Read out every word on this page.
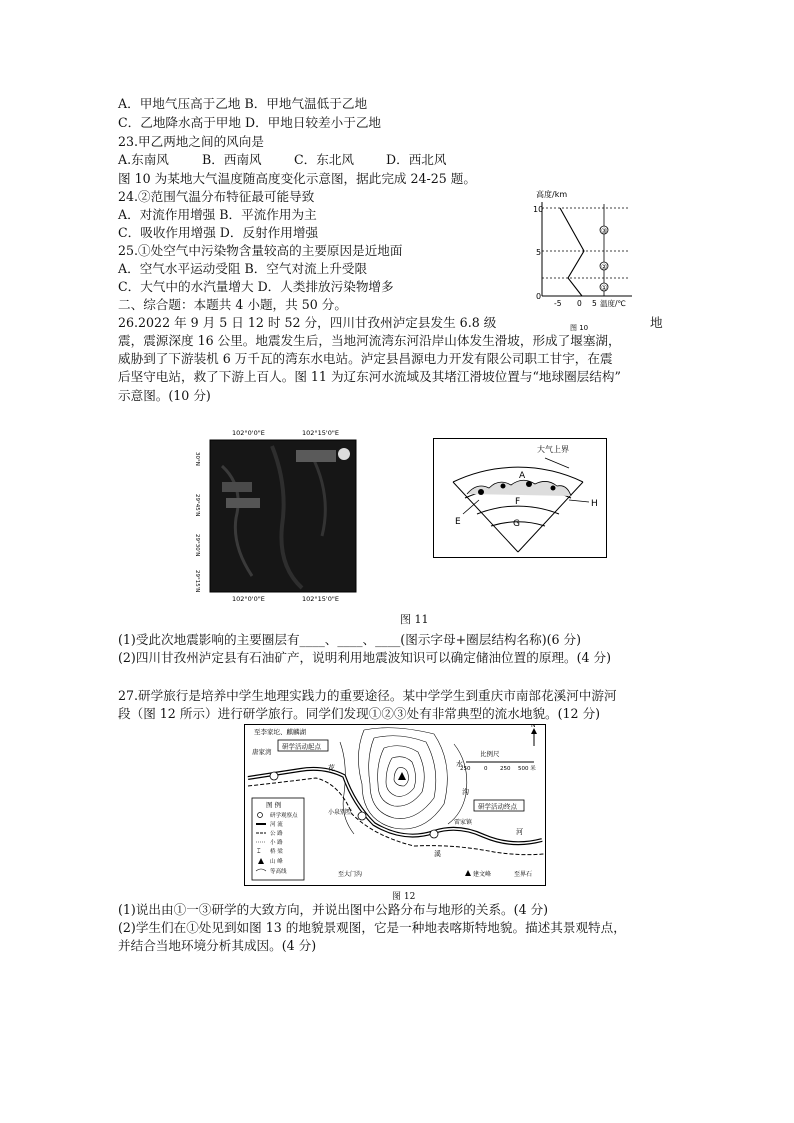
A．甲地气压高于乙地 B．甲地气温低于乙地
C．乙地降水高于甲地 D．甲地日较差小于乙地
23.甲乙两地之间的风向是
A.东南风	B．西南风	C．东北风	D．西北风
图 10 为某地大气温度随高度变化示意图，据此完成 24-25 题。
24.②范围气温分布特征最可能导致
A．对流作用增强 B．平流作用为主
C．吸收作用增强 D．反射作用增强
25.①处空气中污染物含量较高的主要原因是近地面
A．空气水平运动受阻 B．空气对流上升受限
C．大气中的水汽量增大 D．人类排放污染物增多
二、综合题：本题共 4 小题，共 50 分。
高度/km
10
5
0
③
②
①
-5 0 5 温度/℃
图 10
26.2022 年 9 月 5 日 12 时 52 分，四川甘孜州泸定县发生 6.8 级	地
震，震源深度 16 公里。地震发生后，当地河流湾东河沿岸山体发生滑坡，形成了堰塞湖，
威胁到了下游装机 6 万千瓦的湾东水电站。泸定县昌源电力开发有限公司职工甘宇，在震
后坚守电站，救了下游上百人。图 11 为辽东河水流域及其堵江滑坡位置与“地球圈层结构”
示意图。(10 分)
102°0'0"E	102°15'0"E
30°N
29°45'N
29°30'N
29°15'N
102°0'0"E	102°15'0"E
大气上界
A
E
F
G
H
图 11
(1)受此次地震影响的主要圈层有____、____、____(图示字母+圈层结构名称)(6 分)
(2)四川甘孜州泸定县有石油矿产，说明利用地震波知识可以确定储油位置的原理。(4 分)
27.研学旅行是培养中学生地理实践力的重要途径。某中学学生到重庆市南部花溪河中游河
段（图 12 所示）进行研学旅行。同学们发现①②③处有非常典型的流水地貌。(12 分)
至李家坨、麒麟湖
唐家湾
研学活动起点
花
溪
河
水
沟
比例尺
250 0 250 500 米
N
研学活动终点
雷家镇
小泉别墅
图 例
研学观察点
河 流
公 路
小 路
⌶ 桥 梁
山 峰
等高线	至大门沟	建文峰	至界石
图 12
(1)说出由①一③研学的大致方向，并说出图中公路分布与地形的关系。(4 分)
(2)学生们在①处见到如图 13 的地貌景观图，它是一种地表喀斯特地貌。描述其景观特点，
并结合当地环境分析其成因。(4 分)
